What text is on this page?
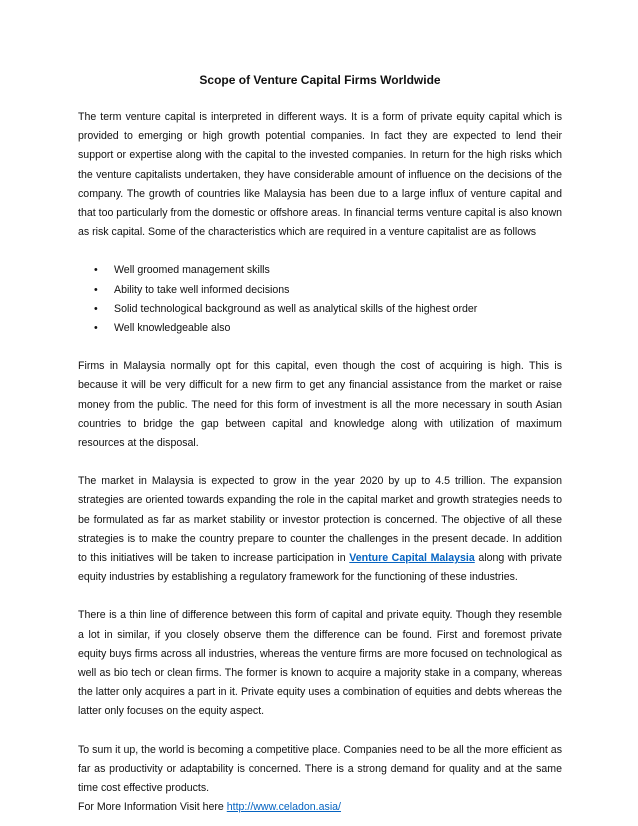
Scope of Venture Capital Firms Worldwide

The term venture capital is interpreted in different ways. It is a form of private equity capital which is provided to emerging or high growth potential companies. In fact they are expected to lend their support or expertise along with the capital to the invested companies. In return for the high risks which the venture capitalists undertaken, they have considerable amount of influence on the decisions of the company. The growth of countries like Malaysia has been due to a large influx of venture capital and that too particularly from the domestic or offshore areas. In financial terms venture capital is also known as risk capital. Some of the characteristics which are required in a venture capitalist are as follows

• Well groomed management skills
• Ability to take well informed decisions
• Solid technological background as well as analytical skills of the highest order
• Well knowledgeable also

Firms in Malaysia normally opt for this capital, even though the cost of acquiring is high. This is because it will be very difficult for a new firm to get any financial assistance from the market or raise money from the public. The need for this form of investment is all the more necessary in south Asian countries to bridge the gap between capital and knowledge along with utilization of maximum resources at the disposal.

The market in Malaysia is expected to grow in the year 2020 by up to 4.5 trillion. The expansion strategies are oriented towards expanding the role in the capital market and growth strategies needs to be formulated as far as market stability or investor protection is concerned. The objective of all these strategies is to make the country prepare to counter the challenges in the present decade. In addition to this initiatives will be taken to increase participation in Venture Capital Malaysia along with private equity industries by establishing a regulatory framework for the functioning of these industries.

There is a thin line of difference between this form of capital and private equity. Though they resemble a lot in similar, if you closely observe them the difference can be found. First and foremost private equity buys firms across all industries, whereas the venture firms are more focused on technological as well as bio tech or clean firms. The former is known to acquire a majority stake in a company, whereas the latter only acquires a part in it. Private equity uses a combination of equities and debts whereas the latter only focuses on the equity aspect.

To sum it up, the world is becoming a competitive place. Companies need to be all the more efficient as far as productivity or adaptability is concerned. There is a strong demand for quality and at the same time cost effective products.

For More Information Visit here http://www.celadon.asia/
